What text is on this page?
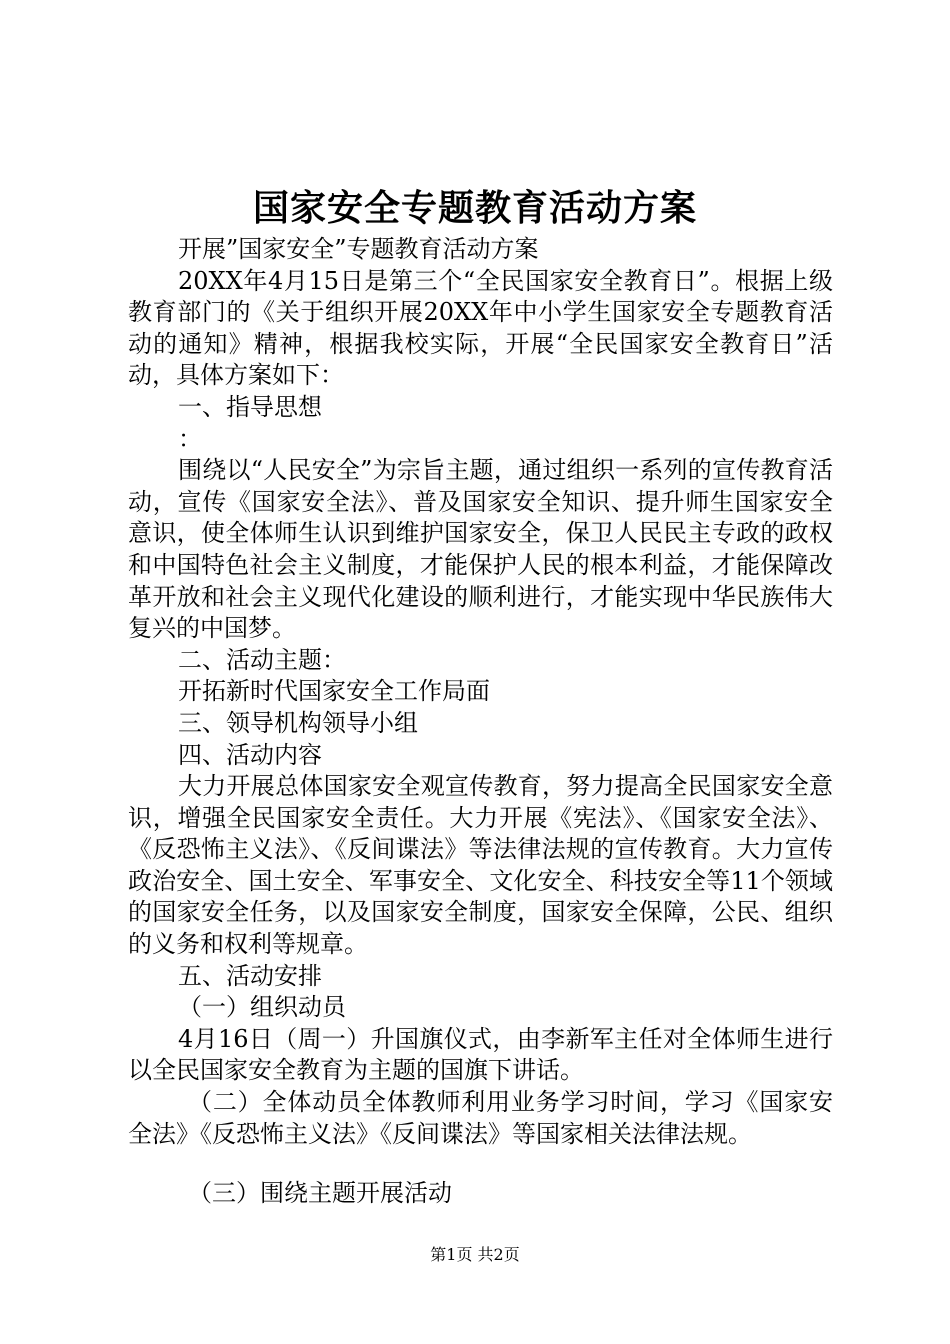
国家安全专题教育活动方案

开展”国家安全”专题教育活动方案

20XX年4月15日是第三个“全民国家安全教育日”。根据上级教育部门的《关于组织开展20XX年中小学生国家安全专题教育活动的通知》精神，根据我校实际，开展“全民国家安全教育日”活动，具体方案如下：

一、指导思想

：

围绕以“人民安全”为宗旨主题，通过组织一系列的宣传教育活动，宣传《国家安全法》、普及国家安全知识、提升师生国家安全意识，使全体师生认识到维护国家安全，保卫人民民主专政的政权和中国特色社会主义制度，才能保护人民的根本利益，才能保障改革开放和社会主义现代化建设的顺利进行，才能实现中华民族伟大复兴的中国梦。

二、活动主题：

开拓新时代国家安全工作局面

三、领导机构领导小组

四、活动内容

大力开展总体国家安全观宣传教育，努力提高全民国家安全意识，增强全民国家安全责任。大力开展《宪法》、《国家安全法》、《反恐怖主义法》、《反间谍法》等法律法规的宣传教育。大力宣传政治安全、国土安全、军事安全、文化安全、科技安全等11个领域的国家安全任务，以及国家安全制度，国家安全保障，公民、组织的义务和权利等规章。

五、活动安排

（一）组织动员

4月16日（周一）升国旗仪式，由李新军主任对全体师生进行以全民国家安全教育为主题的国旗下讲话。

（二）全体动员全体教师利用业务学习时间，学习《国家安全法》《反恐怖主义法》《反间谍法》等国家相关法律法规。

（三）围绕主题开展活动

第1页 共2页
